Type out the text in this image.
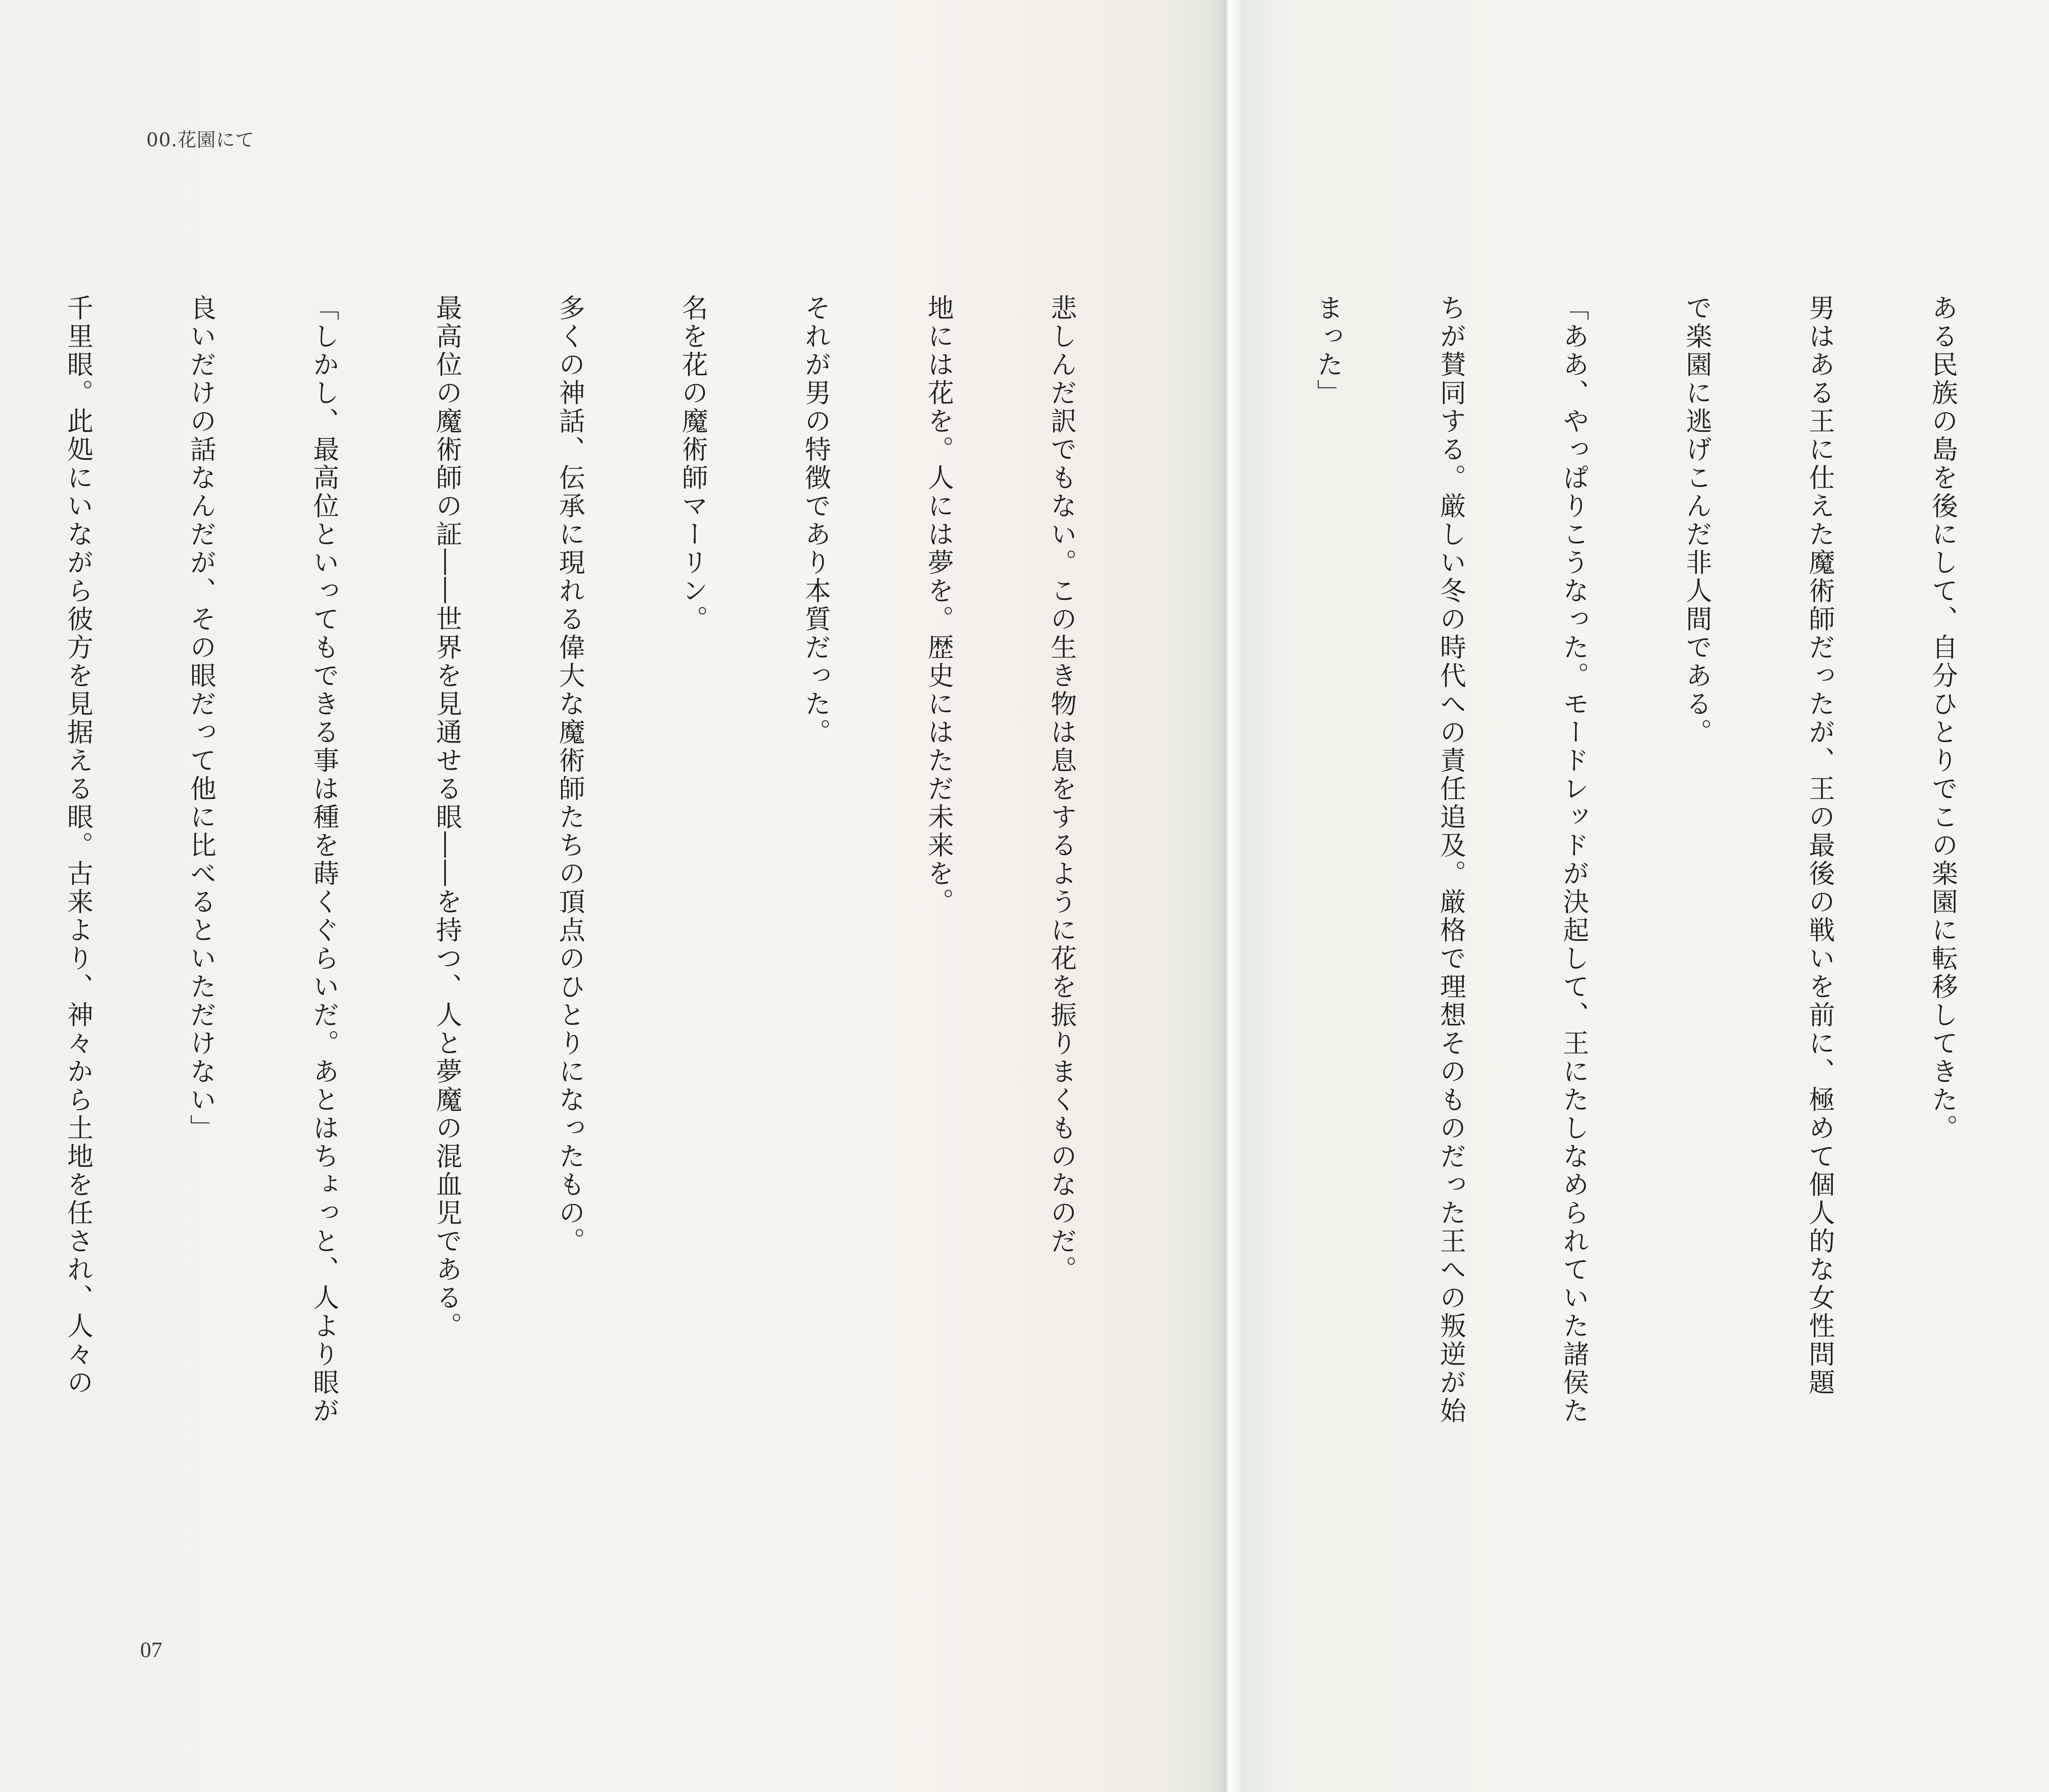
00.花園にて

悲しんだ訳でもない。この生き物は息をするように花を振りまくものなのだ。

地には花を。人には夢を。歴史にはただ未来を。

それが男の特徴であり本質だった。

名を花の魔術師マーリン。

多くの神話、伝承に現れる偉大な魔術師たちの頂点のひとりになったもの。

最高位の魔術師の証――世界を見通せる眼――を持つ、人と夢魔の混血児である。

「しかし、最高位といってもできる事は種を蒔くぐらいだ。あとはちょっと、人より眼が

良いだけの話なんだが、その眼だって他に比べるといただけない」

千里眼。此処にいながら彼方を見据える眼。古来より、神々から土地を任され、人々の

07

ある民族の島を後にして、自分ひとりでこの楽園に転移してきた。

男はある王に仕えた魔術師だったが、王の最後の戦いを前に、極めて個人的な女性問題

で楽園に逃げこんだ非人間である。

「ああ、やっぱりこうなった。モードレッドが決起して、王にたしなめられていた諸侯た

ちが賛同する。厳しい冬の時代への責任追及。厳格で理想そのものだった王への叛逆が始

まった」
